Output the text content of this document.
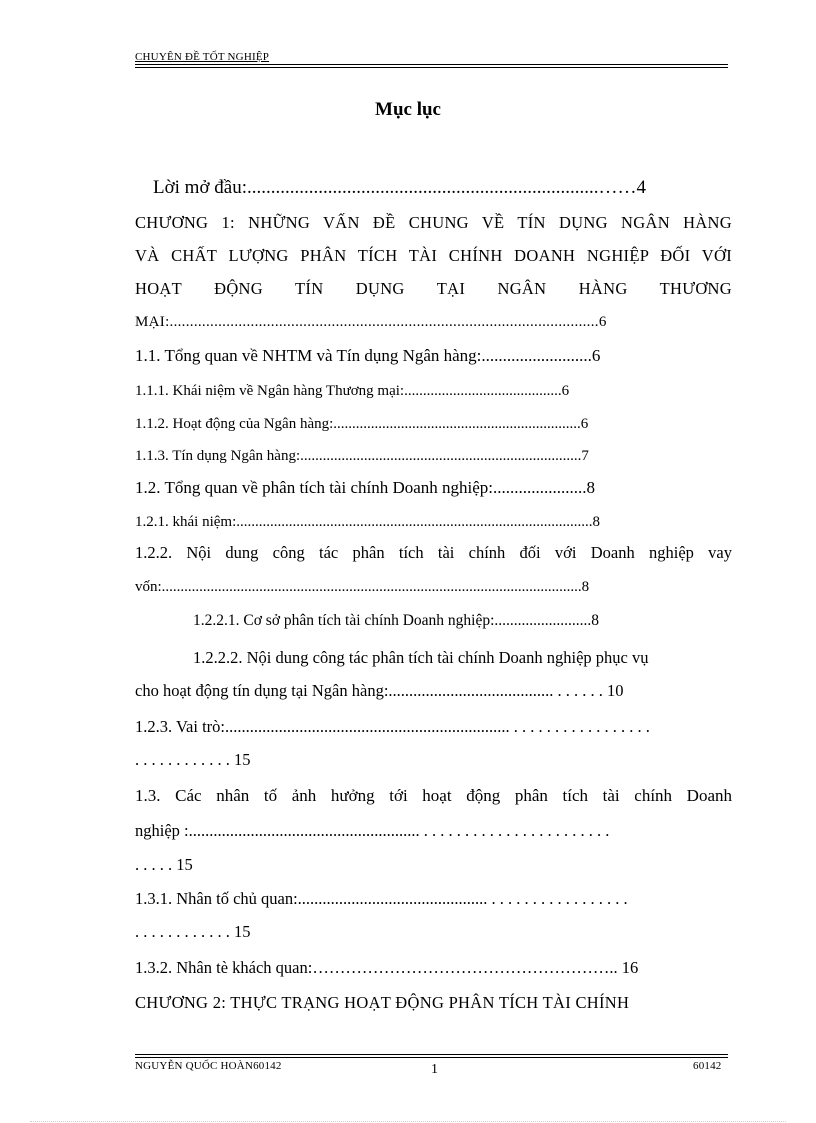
CHUYÊN ĐỀ TỐT NGHIỆP
Mục lục
Lời mở đầu:..........................................................................……4
CHƯƠNG 1: NHỮNG VẤN ĐỀ CHUNG VỀ TÍN DỤNG NGÂN HÀNG
VÀ CHẤT LƯỢNG PHÂN TÍCH TÀI CHÍNH DOANH NGHIỆP ĐỐI VỚI
HOẠT ĐỘNG TÍN DỤNG TẠI NGÂN HÀNG THƯƠNG
MẠI:..........................................................................................................6
1.1. Tổng quan về NHTM và Tín dụng Ngân hàng:..........................6
1.1.1. Khái niệm về Ngân hàng Thương mại:..........................................6
1.1.2. Hoạt động của Ngân hàng:..................................................................6
1.1.3. Tín dụng Ngân hàng:...........................................................................7
1.2. Tổng quan về phân tích tài chính Doanh nghiệp:......................8
1.2.1. khái niệm:...............................................................................................8
1.2.2. Nội dung công tác phân tích tài chính đối với Doanh nghiệp vay
vốn:................................................................................................................8
1.2.2.1. Cơ sở phân tích tài chính Doanh nghiệp:.........................8
1.2.2.2. Nội dung công tác phân tích tài chính Doanh nghiệp phục vụ
cho hoạt động tín dụng tại Ngân hàng:........................................ . . . . . . 10
1.2.3. Vai trò:..................................................................... . . . . . . . . . . . . . . . . .
. . . . . . . . . . . . 15
1.3. Các nhân tố ảnh hưởng tới hoạt động phân tích tài chính Doanh
nghiệp :........................................................ . . . . . . . . . . . . . . . . . . . . . . .
. . . . . 15
1.3.1. Nhân tố chủ quan:.............................................. . . . . . . . . . . . . . . . . .
. . . . . . . . . . . . 15
1.3.2. Nhân tè khách quan:……………………………………………….. 16
CHƯƠNG 2: THỰC TRẠNG HOẠT ĐỘNG PHÂN TÍCH TÀI CHÍNH
NGUYỄN QUỐC HOÀN60142	1	60142
